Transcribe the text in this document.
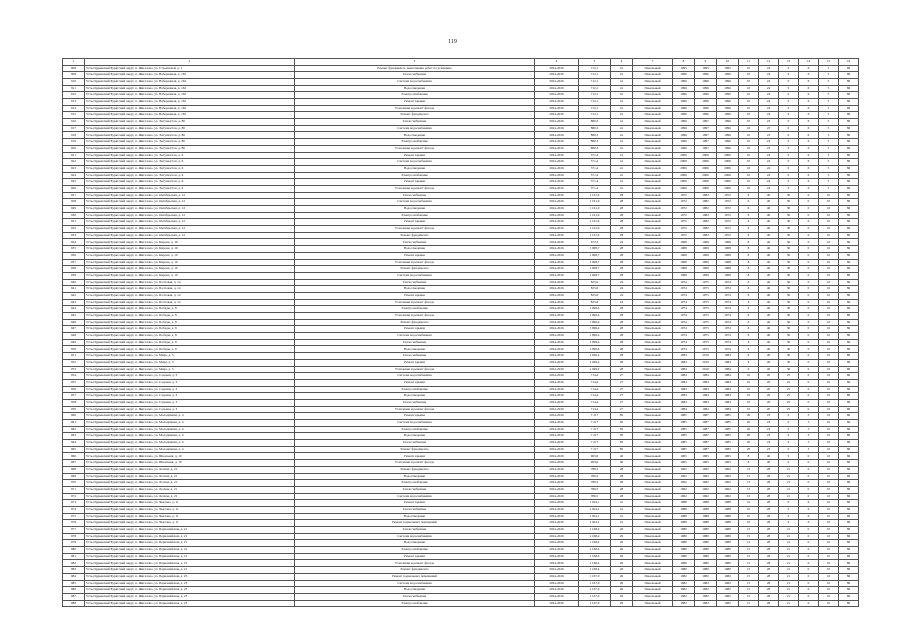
119
1	2	3	4	5	6	7	8	9	10	11	12	13	14	15	16
908	Усть-Ордынский Бурятский округ, п. Жигалово, ул. Строителей, д. 1	Ремонт фундамента, выполнение работ по усилению	2024-2026	712,1	41	Панельный	1995	1995	1995	10	24	0	6	5	86
909	Усть-Ордынский Бурятский округ, п. Жигалово, ул. Набережная, д. 162	Теплоснабжение	2024-2026	712,1	41	Панельный	1996	1996	1996	10	24	0	6	5	86
910	Усть-Ордынский Бурятский округ, п. Жигалово, ул. Набережная, д. 162	Система водоснабжения	2024-2026	712,1	41	Панельный	1996	1996	1996	10	24	0	6	5	86
911	Усть-Ордынский Бурятский округ, п. Жигалово, ул. Набережная, д. 162	Водоотведение	2024-2026	712,1	41	Панельный	1996	1996	1996	10	24	0	6	5	86
912	Усть-Ордынский Бурятский округ, п. Жигалово, ул. Набережная, д. 162	Электроснабжение	2024-2026	712,1	41	Панельный	1996	1996	1996	10	24	0	6	5	86
913	Усть-Ордынский Бурятский округ, п. Жигалово, ул. Набережная, д. 162	Ремонт крыши	2024-2026	712,1	41	Панельный	1996	1996	1996	10	24	0	6	5	86
914	Усть-Ордынский Бурятский округ, п. Жигалово, ул. Набережная, д. 162	Утепление и ремонт фасада	2024-2026	712,1	41	Панельный	1996	1996	1996	10	24	0	6	5	86
915	Усть-Ордынский Бурятский округ, п. Жигалово, ул. Набережная, д. 162	Ремонт фундамента	2024-2026	712,1	41	Панельный	1996	1996	1996	10	24	0	6	5	86
916	Усть-Ордынский Бурятский округ, п. Жигалово, ул. Энтузиастов, д. 86	Теплоснабжение	2024-2026	880,3	41	Панельный	1996	1997	1996	10	23	0	6	5	86
917	Усть-Ордынский Бурятский округ, п. Жигалово, ул. Энтузиастов, д. 86	Система водоснабжения	2024-2026	880,3	41	Панельный	1996	1997	1996	10	23	0	6	5	86
918	Усть-Ордынский Бурятский округ, п. Жигалово, ул. Энтузиастов, д. 86	Водоотведение	2024-2026	880,3	41	Панельный	1996	1997	1996	10	23	0	6	5	86
919	Усть-Ордынский Бурятский округ, п. Жигалово, ул. Энтузиастов, д. 86	Электроснабжение	2024-2026	880,3	41	Панельный	1996	1997	1996	10	23	0	6	5	86
920	Усть-Ордынский Бурятский округ, п. Жигалово, ул. Энтузиастов, д. 86	Утепление и ремонт фасада	2024-2026	880,3	41	Панельный	1996	1997	1996	10	23	0	6	5	86
921	Усть-Ордынский Бурятский округ, п. Жигалово, ул. Энтузиастов, д. 6	Ремонт крыши	2024-2026	571,4	41	Панельный	2006	2006	2006	10	24	0	6	5	86
922	Усть-Ордынский Бурятский округ, п. Жигалово, ул. Энтузиастов, д. 6	Система водоснабжения	2024-2026	571,4	41	Панельный	2006	2006	2006	10	24	0	6	5	86
923	Усть-Ордынский Бурятский округ, п. Жигалово, ул. Энтузиастов, д. 6	Водоотведение	2024-2026	571,4	41	Панельный	2006	2006	2006	10	24	0	6	5	86
924	Усть-Ордынский Бурятский округ, п. Жигалово, ул. Энтузиастов, д. 6	Электроснабжение	2024-2026	571,4	41	Панельный	2006	2006	2006	10	24	0	6	5	86
925	Усть-Ордынский Бурятский округ, п. Жигалово, ул. Энтузиастов, д. 6	Ремонт крыши	2024-2026	571,4	41	Панельный	2006	2006	2006	10	24	0	6	5	86
926	Усть-Ордынский Бурятский округ, п. Жигалово, ул. Энтузиастов, д. 6	Утепление и ремонт фасада	2024-2026	571,4	41	Панельный	2006	2006	2006	10	24	0	6	5	86
927	Усть-Ордынский Бурятский округ, п. Жигалово, ул. Октябрьская, д. 12	Теплоснабжение	2024-2026	1 161,9	28	Панельный	1972	1982	1972	6	40	30	0	10	86
928	Усть-Ордынский Бурятский округ, п. Жигалово, ул. Октябрьская, д. 12	Система водоснабжения	2024-2026	1 161,9	28	Панельный	1972	1982	1972	6	40	30	0	10	86
929	Усть-Ордынский Бурятский округ, п. Жигалово, ул. Октябрьская, д. 12	Водоотведение	2024-2026	1 161,9	28	Панельный	1972	1982	1972	6	40	30	0	10	86
930	Усть-Ордынский Бурятский округ, п. Жигалово, ул. Октябрьская, д. 12	Электроснабжение	2024-2026	1 161,9	28	Панельный	1972	1982	1972	6	40	30	0	10	86
931	Усть-Ордынский Бурятский округ, п. Жигалово, ул. Октябрьская, д. 12	Ремонт крыши	2024-2026	1 161,9	28	Панельный	1972	1982	1972	6	40	30	0	10	86
932	Усть-Ордынский Бурятский округ, п. Жигалово, ул. Октябрьская, д. 12	Утепление и ремонт фасада	2024-2026	1 161,9	28	Панельный	1972	1982	1972	6	40	30	0	10	86
933	Усть-Ордынский Бурятский округ, п. Жигалово, ул. Октябрьская, д. 12	Ремонт фундамента	2024-2026	1 161,9	28	Панельный	1972	1982	1972	6	40	30	0	10	86
934	Усть-Ордынский Бурятский округ, п. Жигалово, ул. Кирова, д. 10	Теплоснабжение	2024-2026	672,3	24	Панельный	1968	1969	1968	8	40	30	0	10	86
935	Усть-Ордынский Бурятский округ, п. Жигалово, ул. Кирова, д. 10	Водоотведение	2024-2026	1 008,7	28	Панельный	1968	1969	1968	8	40	30	0	10	86
936	Усть-Ордынский Бурятский округ, п. Жигалово, ул. Кирова, д. 10	Ремонт крыши	2024-2026	1 008,7	28	Панельный	1968	1969	1968	8	40	30	0	10	86
937	Усть-Ордынский Бурятский округ, п. Жигалово, ул. Кирова, д. 10	Утепление и ремонт фасада	2024-2026	1 008,7	28	Панельный	1968	1969	1968	8	40	30	0	10	86
938	Усть-Ордынский Бурятский округ, п. Жигалово, ул. Кирова, д. 10	Ремонт фундамента	2024-2026	1 008,7	28	Панельный	1968	1969	1968	8	40	30	0	10	86
939	Усть-Ордынский Бурятский округ, п. Жигалово, ул. Кирова, д. 10	Система водоснабжения	2024-2026	1 008,7	28	Панельный	1968	1969	1968	8	40	30	0	10	86
940	Усть-Ордынский Бурятский округ, п. Жигалово, ул. Почтовая, д. 14	Теплоснабжение	2024-2026	825,6	24	Панельный	1974	1975	1974	6	40	30	0	10	86
941	Усть-Ордынский Бурятский округ, п. Жигалово, ул. Почтовая, д. 14	Водоотведение	2024-2026	825,6	24	Панельный	1974	1975	1974	6	40	30	0	10	86
942	Усть-Ордынский Бурятский округ, п. Жигалово, ул. Почтовая, д. 14	Ремонт крыши	2024-2026	825,6	24	Панельный	1974	1975	1974	6	40	30	0	10	86
943	Усть-Ордынский Бурятский округ, п. Жигалово, ул. Почтовая, д. 14	Утепление и ремонт фасада	2024-2026	825,6	24	Панельный	1974	1975	1974	6	40	30	0	10	86
944	Усть-Ордынский Бурятский округ, п. Жигалово, ул. Победы, д. 8	Электроснабжение	2024-2026	1 096,4	28	Панельный	1974	1975	1974	6	40	30	0	10	86
945	Усть-Ордынский Бурятский округ, п. Жигалово, ул. Победы, д. 8	Утепление и ремонт фасада	2024-2026	1 096,4	28	Панельный	1974	1975	1974	6	40	30	0	10	86
946	Усть-Ордынский Бурятский округ, п. Жигалово, ул. Победы, д. 8	Ремонт фундамента	2024-2026	1 096,4	28	Панельный	1974	1975	1974	6	40	30	0	10	86
947	Усть-Ордынский Бурятский округ, п. Жигалово, ул. Победы, д. 8	Ремонт крыши	2024-2026	1 096,4	28	Панельный	1974	1975	1974	6	40	30	0	10	86
948	Усть-Ордынский Бурятский округ, п. Жигалово, ул. Победы, д. 8	Система водоснабжения	2024-2026	1 096,4	28	Панельный	1974	1975	1974	6	40	30	0	10	86
949	Усть-Ордынский Бурятский округ, п. Жигалово, ул. Победы, д. 8	Теплоснабжение	2024-2026	1 096,4	28	Панельный	1974	1975	1974	6	40	30	0	10	86
950	Усть-Ордынский Бурятский округ, п. Жигалово, ул. Победы, д. 8	Водоотведение	2024-2026	1 096,4	28	Панельный	1974	1975	1974	6	40	30	0	10	86
951	Усть-Ордынский Бурятский округ, п. Жигалово, ул. Мира, д. 5	Теплоснабжение	2024-2026	1 049,2	28	Панельный	1984	2010	1984	6	40	30	0	10	86
952	Усть-Ордынский Бурятский округ, п. Жигалово, ул. Мира, д. 5	Ремонт крыши	2024-2026	1 049,2	28	Панельный	1984	2010	1984	6	40	30	0	10	86
953	Усть-Ордынский Бурятский округ, п. Жигалово, ул. Мира, д. 5	Утепление и ремонт фасада	2024-2026	1 049,2	28	Панельный	1984	2010	1984	6	40	30	0	10	86
954	Усть-Ордынский Бурятский округ, п. Жигалово, ул. Садовая, д. 3	Система водоснабжения	2024-2026	714,4	27	Панельный	1984	1984	1984	10	20	25	0	10	86
955	Усть-Ордынский Бурятский округ, п. Жигалово, ул. Садовая, д. 3	Ремонт крыши	2024-2026	714,4	27	Панельный	1984	1984	1984	10	20	25	0	10	86
956	Усть-Ордынский Бурятский округ, п. Жигалово, ул. Садовая, д. 3	Электроснабжение	2024-2026	714,4	27	Панельный	1984	1984	1984	10	20	25	0	10	86
957	Усть-Ордынский Бурятский округ, п. Жигалово, ул. Садовая, д. 3	Водоотведение	2024-2026	714,4	27	Панельный	1984	1984	1984	10	20	25	0	10	86
958	Усть-Ордынский Бурятский округ, п. Жигалово, ул. Садовая, д. 3	Теплоснабжение	2024-2026	714,4	27	Панельный	1984	1984	1984	10	20	25	0	10	86
959	Усть-Ордынский Бурятский округ, п. Жигалово, ул. Садовая, д. 3	Утепление и ремонт фасада	2024-2026	714,4	27	Панельный	1984	1984	1984	10	20	25	0	10	86
960	Усть-Ордынский Бурятский округ, п. Жигалово, ул. Молодёжная, д. 4	Ремонт крыши	2024-2026	7 217	85	Панельный	1985	1987	1985	20	23	0	3	10	86
961	Усть-Ордынский Бурятский округ, п. Жигалово, ул. Молодёжная, д. 4	Система водоснабжения	2024-2026	7 217	85	Панельный	1985	1987	1985	20	23	0	3	10	86
962	Усть-Ордынский Бурятский округ, п. Жигалово, ул. Молодёжная, д. 4	Электроснабжение	2024-2026	7 217	85	Панельный	1985	1987	1985	20	23	0	3	10	86
963	Усть-Ордынский Бурятский округ, п. Жигалово, ул. Молодёжная, д. 4	Водоотведение	2024-2026	7 217	85	Панельный	1985	1987	1985	20	23	0	3	10	86
964	Усть-Ордынский Бурятский округ, п. Жигалово, ул. Молодёжная, д. 4	Теплоснабжение	2024-2026	7 217	85	Панельный	1985	1987	1985	20	23	0	3	10	86
965	Усть-Ордынский Бурятский округ, п. Жигалово, ул. Молодёжная, д. 4	Ремонт фундамента	2024-2026	7 217	85	Панельный	1985	1987	1985	20	23	0	3	10	86
966	Усть-Ордынский Бурятский округ, п. Жигалово, ул. Школьная, д. 10	Ремонт крыши	2024-2026	963,6	40	Панельный	1965	1965	1965	8	40	0	0	10	86
967	Усть-Ордынский Бурятский округ, п. Жигалово, ул. Школьная, д. 10	Утепление и ремонт фасада	2024-2026	963,6	40	Панельный	1965	1965	1965	8	40	0	0	10	86
968	Усть-Ордынский Бурятский округ, п. Жигалово, ул. Лесная, д. 21	Ремонт фундамента	2024-2026	786,5	28	Панельный	1962	1962	1962	13	28	21	0	10	86
969	Усть-Ордынский Бурятский округ, п. Жигалово, ул. Лесная, д. 21	Водоотведение	2024-2026	786,5	28	Панельный	1962	1962	1962	13	28	21	0	10	86
970	Усть-Ордынский Бурятский округ, п. Жигалово, ул. Лесная, д. 21	Электроснабжение	2024-2026	786,5	28	Панельный	1962	1962	1962	13	28	21	0	10	86
971	Усть-Ордынский Бурятский округ, п. Жигалово, ул. Лесная, д. 21	Теплоснабжение	2024-2026	786,5	28	Панельный	1962	1962	1962	13	28	21	0	10	86
972	Усть-Ордынский Бурятский округ, п. Жигалово, ул. Лесная, д. 21	Система водоснабжения	2024-2026	786,5	28	Панельный	1962	1962	1962	13	28	21	0	10	86
973	Усть-Ордынский Бурятский округ, п. Жигалово, ул. Чкалова, д. 11	Ремонт крыши	2024-2026	1 024,1	41	Панельный	1988	1988	1988	10	28	0	6	10	86
974	Усть-Ордынский Бурятский округ, п. Жигалово, ул. Чкалова, д. 11	Теплоснабжение	2024-2026	1 024,1	41	Панельный	1988	1988	1988	10	28	0	6	10	86
975	Усть-Ордынский Бурятский округ, п. Жигалово, ул. Чкалова, д. 11	Водоотведение	2024-2026	1 024,1	41	Панельный	1988	1988	1988	10	28	0	6	10	86
976	Усть-Ордынский Бурятский округ, п. Жигалово, ул. Чкалова, д. 11	Ремонт подвальных помещений	2024-2026	1 024,1	41	Панельный	1988	1988	1988	10	28	0	6	10	86
977	Усть-Ордынский Бурятский округ, п. Жигалово, ул. Первомайская, д. 21	Теплоснабжение	2024-2026	1 168,4	26	Панельный	1980	1980	1980	15	28	21	0	10	86
978	Усть-Ордынский Бурятский округ, п. Жигалово, ул. Первомайская, д. 21	Система водоснабжения	2024-2026	1 168,4	26	Панельный	1980	1980	1980	15	28	21	0	10	86
979	Усть-Ордынский Бурятский округ, п. Жигалово, ул. Первомайская, д. 21	Водоотведение	2024-2026	1 168,4	26	Панельный	1980	1980	1980	15	28	21	0	10	86
980	Усть-Ордынский Бурятский округ, п. Жигалово, ул. Первомайская, д. 21	Электроснабжение	2024-2026	1 168,4	26	Панельный	1980	1980	1980	15	28	21	0	10	86
981	Усть-Ордынский Бурятский округ, п. Жигалово, ул. Первомайская, д. 21	Ремонт крыши	2024-2026	1 168,4	26	Панельный	1980	1980	1980	15	28	21	0	10	86
982	Усть-Ордынский Бурятский округ, п. Жигалово, ул. Первомайская, д. 21	Утепление и ремонт фасада	2024-2026	1 168,4	26	Панельный	1980	1980	1980	15	28	21	0	10	86
983	Усть-Ордынский Бурятский округ, п. Жигалово, ул. Первомайская, д. 21	Ремонт фундамента	2024-2026	1 168,4	26	Панельный	1980	1980	1980	15	28	21	0	10	86
984	Усть-Ордынский Бурятский округ, п. Жигалово, ул. Первомайская, д. 23	Ремонт подвальных помещений	2024-2026	1 167,0	26	Панельный	1982	1982	1982	15	28	21	0	10	86
985	Усть-Ордынский Бурятский округ, п. Жигалово, ул. Первомайская, д. 23	Система водоснабжения	2024-2026	1 167,0	26	Панельный	1982	1982	1982	15	28	21	0	10	86
986	Усть-Ордынский Бурятский округ, п. Жигалово, ул. Первомайская, д. 23	Водоотведение	2024-2026	1 167,0	26	Панельный	1982	1982	1982	15	28	21	0	10	86
987	Усть-Ордынский Бурятский округ, п. Жигалово, ул. Первомайская, д. 23	Теплоснабжение	2024-2026	1 167,0	26	Панельный	1982	1982	1982	15	28	21	0	10	86
988	Усть-Ордынский Бурятский округ, п. Жигалово, ул. Первомайская, д. 23	Электроснабжение	2024-2026	1 167,0	26	Панельный	1982	1982	1982	15	28	21	0	10	86
